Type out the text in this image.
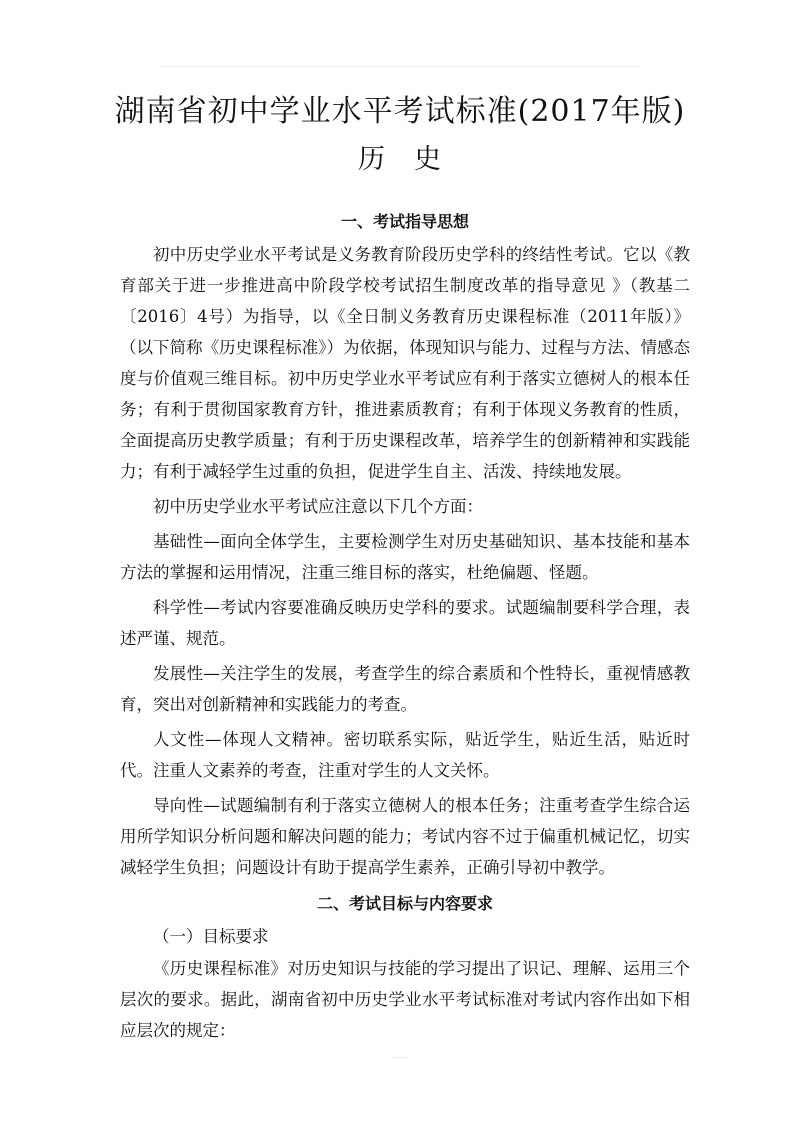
湖南省初中学业水平考试标准(2017年版)
历　史

一、考试指导思想

初中历史学业水平考试是义务教育阶段历史学科的终结性考试。它以《教育部关于进一步推进高中阶段学校考试招生制度改革的指导意见 》（教基二〔2016〕4号）为指导，以《全日制义务教育历史课程标准（2011年版）》（以下简称《历史课程标准》）为依据，体现知识与能力、过程与方法、情感态度与价值观三维目标。初中历史学业水平考试应有利于落实立德树人的根本任务；有利于贯彻国家教育方针，推进素质教育；有利于体现义务教育的性质，全面提高历史教学质量；有利于历史课程改革，培养学生的创新精神和实践能力；有利于减轻学生过重的负担，促进学生自主、活泼、持续地发展。

初中历史学业水平考试应注意以下几个方面：

基础性—面向全体学生，主要检测学生对历史基础知识、基本技能和基本方法的掌握和运用情况，注重三维目标的落实，杜绝偏题、怪题。

科学性—考试内容要准确反映历史学科的要求。试题编制要科学合理，表述严谨、规范。

发展性—关注学生的发展，考查学生的综合素质和个性特长，重视情感教育，突出对创新精神和实践能力的考查。

人文性—体现人文精神。密切联系实际，贴近学生，贴近生活，贴近时代。注重人文素养的考查，注重对学生的人文关怀。

导向性—试题编制有利于落实立德树人的根本任务；注重考查学生综合运用所学知识分析问题和解决问题的能力；考试内容不过于偏重机械记忆，切实减轻学生负担；问题设计有助于提高学生素养，正确引导初中教学。

二、考试目标与内容要求

（一）目标要求

《历史课程标准》对历史知识与技能的学习提出了识记、理解、运用三个层次的要求。据此，湖南省初中历史学业水平考试标准对考试内容作出如下相应层次的规定：
